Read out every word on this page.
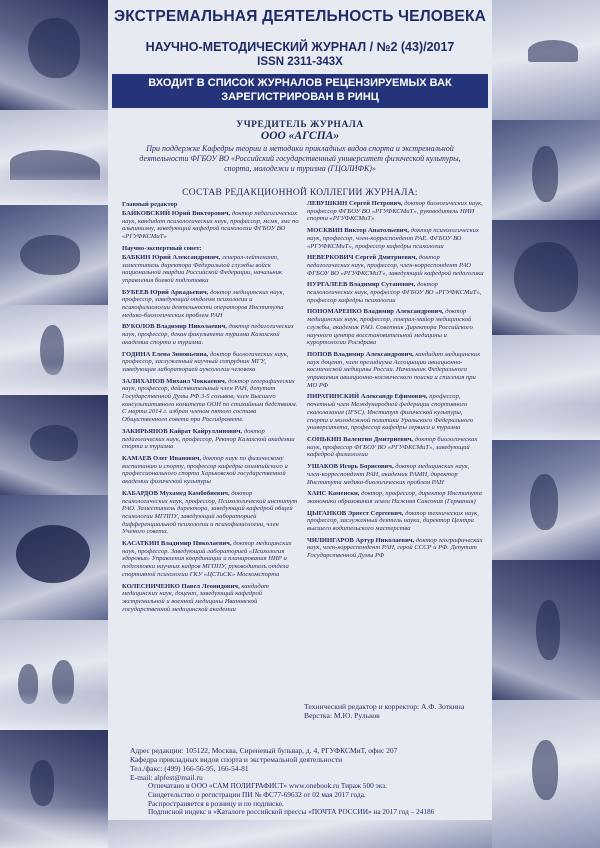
ЭКСТРЕМАЛЬНАЯ ДЕЯТЕЛЬНОСТЬ ЧЕЛОВЕКА
НАУЧНО-МЕТОДИЧЕСКИЙ ЖУРНАЛ / №2 (43)/2017
ISSN 2311-343X
ВХОДИТ В СПИСОК ЖУРНАЛОВ РЕЦЕНЗИРУЕМЫХ ВАК
ЗАРЕГИСТРИРОВАН В РИНЦ
УЧРЕДИТЕЛЬ ЖУРНАЛА
ООО «АГСПА»
При поддержке Кафедры теории и методики прикладных видов спорта и экстремальной деятельности ФГБОУ ВО «Российский государственный университет физической культуры, спорта, молодежи и туризма (ГЦОЛИФК)»
СОСТАВ РЕДАКЦИОННОЙ КОЛЛЕГИИ ЖУРНАЛА:
Главный редактор
БАЙКОВСКИЙ Юрий Викторович, доктор педагогических наук, кандидат психологических наук, профессор, мсмк, змс по альпинизму, заведующий кафедрой психологии ФГБОУ ВО «РГУФКСМиТ»
Научно-экспертный совет:
БАБКИН Юрий Александрович, генерал-лейтенант, заместитель директора Федеральной службы войск национальной гвардии Российской Федерации, начальник управления боевой подготовки
БУБЕЕВ Юрий Аркадьевич, доктор медицинских наук, профессор, заведующий отделом психологии и психофизиологии деятельности операторов Института медико-биологических проблем РАН
ВУКОЛОВ Владимир Николаевич, доктор педагогических наук, профессор, декан факультета туризма Казахской академии спорта и туризма.
ГОДИНА Елена Зиновьевна, доктор биологических наук, профессор, заслуженный научный сотрудник МГУ, заведующая лабораторией ауксологии человека
ЗАЛИХАНОВ Михаил Чоккаевич, доктор географических наук, профессор, действительный член РАН, депутат Государственной Думы РФ 3-5 созывов, член Высшего консультативного комитета ООН по стихийным бедствиям. С марта 2014 г. избран членом пятого состава Общественного совета при Росгидромете.
ЗАКИРЬЯНОВ Кайрат Кайруллинович, доктор педагогических наук, профессор, Ректор Казахской академии спорта и туризма
КАМАЕВ Олег Иванович, доктор наук по физическому воспитанию и спорту, профессор кафедры олимпийского и профессионального спорта Харьковской государственной академии физической культуры
КАБАРДОВ Мухамед Камбобиевич, доктор психологических наук, профессор, Психологический институт РАО. Заместитель директора, заведующий кафедрой общей психологии МГППУ, заведующий лабораторией дифференциальной психологии и психофизиологии, член Ученого совета.
КАСАТКИН Владимир Николаевич, доктор медицинских наук, профессор. Заведующий лабораторией «Психология здоровья» Управления координации и планирования НИР и подготовки научных кадров МГППУ, руководитель отдела спортивной психологии ГКУ «ЦСТиСК» Москомспорта
КОЛЕСНИЧЕНКО Павел Леонидович, кандидат медицинских наук, доцент, заведующий кафедрой экстремальной и военной медицины Ивановской государственной медицинской академии
ЛЕВУШКИН Сергей Петрович, доктор биологических наук, профессор ФГБОУ ВО «РГУФКСМиТ», руководитель НИИ спорта «РГУФКСМиТ»
МОСКВИН Виктор Анатольевич, доктор психологических наук, профессор, член-корреспондент РАЕ. ФГБОУ ВО «РГУФКСМиТ», профессор кафедры психологии
НЕВЕРКОВИЧ Сергей Дмитриевич, доктор педагогических наук, профессор, член-корреспондент РАО ФГБОУ ВО «РГУФКСМиТ», заведующий кафедрой педагогики
НУРГАЛЕЕВ Владимир Сутанович, доктор психологических наук, профессор ФГБОУ ВО «РГУФКСМиТ», профессор кафедры психологии
ПОНОМАРЕНКО Владимир Александрович, доктор медицинских наук, профессор, генерал-майор медицинской службы, академик РАО. Советник Директора Российского научного центра восстановительной медицины и курортологии Росздрава
ПОПОВ Владимир Александрович, кандидат медицинских наук доцент, член президиума Ассоциации авиационно-космической медицины России. Начальник Федерального управления авиационно-космического поиска и спасения при МО РФ
ПИРАТИНСКИЙ Александр Ефимович, профессор, почетный член Международной федерации спортивного скалолазания (IFSC). Институт физической культуры, спорта и молодежной политики Уральского Федерального университета, профессор кафедры сервиса и туризма
СОНЬКИН Валентин Дмитриевич, доктор биологических наук, профессор ФГБОУ ВО «РГУФКСМиТ», заведующий кафедрой физиологии
УШАКОВ Игорь Борисович, доктор медицинских наук, член-корреспондент РАН, академик РАМН, директор Института медико-биологических проблем РАН
ХАНС Каменски, доктор, профессор, директор Института экономики образования земли Нижняя Саксония (Германия)
ЦЫГАНКОВ Эрнест Сергеевич, доктор технических наук, профессор, заслуженный деятель науки, директор Центра высшего водительского мастерства
ЧИЛИНГАРОВ Артур Николаевич, доктор географических наук, член-корреспондент РАН, герой СССР и РФ. Депутат Государственной Думы РФ
Технический редактор и корректор: А.Ф. Зоткина
Верстка: М.Ю. Рульков
Адрес редакции: 105122, Москва, Сиреневый бульвар, д. 4, РГУФКСМиТ, офис 207
Кафедра прикладных видов спорта и экстремальной деятельности
Тел./факс: (499) 166-56-95, 166-54-81
E-mail: alpfest@mail.ru
Отпечатано в ООО «САМ ПОЛИГРАФИСТ» www.onebook.ru Тираж 500 экз.
Свидетельство о регистрации ПИ № ФС77-69632 от 02 мая 2017 года.
Распространяется в розницу и по подписке.
Подписной индекс в «Каталоге российской прессы «ПОЧТА РОССИИ» на 2017 год – 24186
